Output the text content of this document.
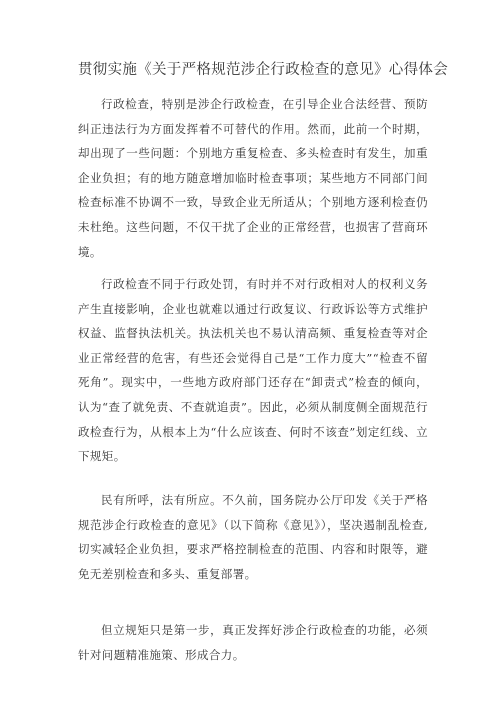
贯彻实施《关于严格规范涉企行政检查的意见》心得体会

行政检查，特别是涉企行政检查，在引导企业合法经营、预防纠正违法行为方面发挥着不可替代的作用。然而，此前一个时期，却出现了一些问题：个别地方重复检查、多头检查时有发生，加重企业负担；有的地方随意增加临时检查事项；某些地方不同部门间检查标准不协调不一致，导致企业无所适从；个别地方逐利检查仍未杜绝。这些问题，不仅干扰了企业的正常经营，也损害了营商环境。

行政检查不同于行政处罚，有时并不对行政相对人的权利义务产生直接影响，企业也就难以通过行政复议、行政诉讼等方式维护权益、监督执法机关。执法机关也不易认清高频、重复检查等对企业正常经营的危害，有些还会觉得自己是“工作力度大”“检查不留死角”。现实中，一些地方政府部门还存在“卸责式”检查的倾向，认为“查了就免责、不查就追责”。因此，必须从制度侧全面规范行政检查行为，从根本上为“什么应该查、何时不该查”划定红线、立下规矩。

民有所呼，法有所应。不久前，国务院办公厅印发《关于严格规范涉企行政检查的意见》（以下简称《意见》），坚决遏制乱检查,切实减轻企业负担，要求严格控制检查的范围、内容和时限等，避免无差别检查和多头、重复部署。

但立规矩只是第一步，真正发挥好涉企行政检查的功能，必须针对问题精准施策、形成合力。
